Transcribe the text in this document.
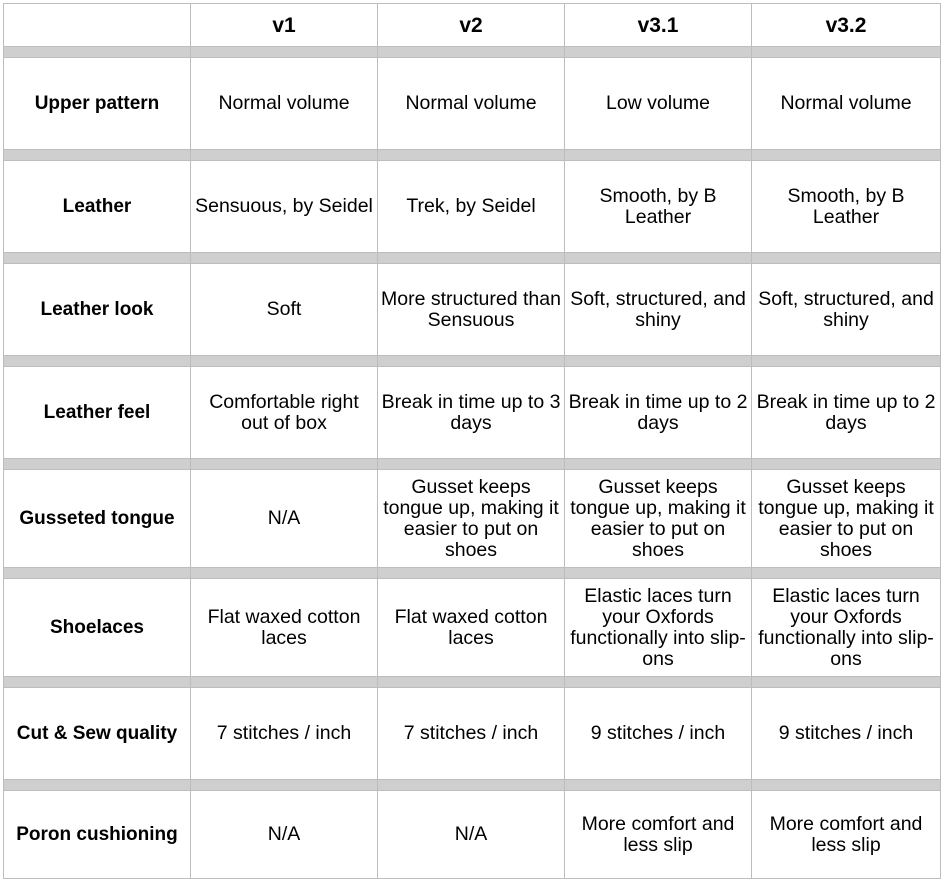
	v1	v2	v3.1	v3.2

Upper pattern	Normal volume	Normal volume	Low volume	Normal volume

Leather	Sensuous, by Seidel	Trek, by Seidel	Smooth, by B Leather	Smooth, by B Leather

Leather look	Soft	More structured than Sensuous	Soft, structured, and shiny	Soft, structured, and shiny

Leather feel	Comfortable right out of box	Break in time up to 3 days	Break in time up to 2 days	Break in time up to 2 days

Gusseted tongue	N/A	Gusset keeps tongue up, making it easier to put on shoes	Gusset keeps tongue up, making it easier to put on shoes	Gusset keeps tongue up, making it easier to put on shoes

Shoelaces	Flat waxed cotton laces	Flat waxed cotton laces	Elastic laces turn your Oxfords functionally into slip-ons	Elastic laces turn your Oxfords functionally into slip-ons

Cut & Sew quality	7 stitches / inch	7 stitches / inch	9 stitches / inch	9 stitches / inch

Poron cushioning	N/A	N/A	More comfort and less slip	More comfort and less slip
